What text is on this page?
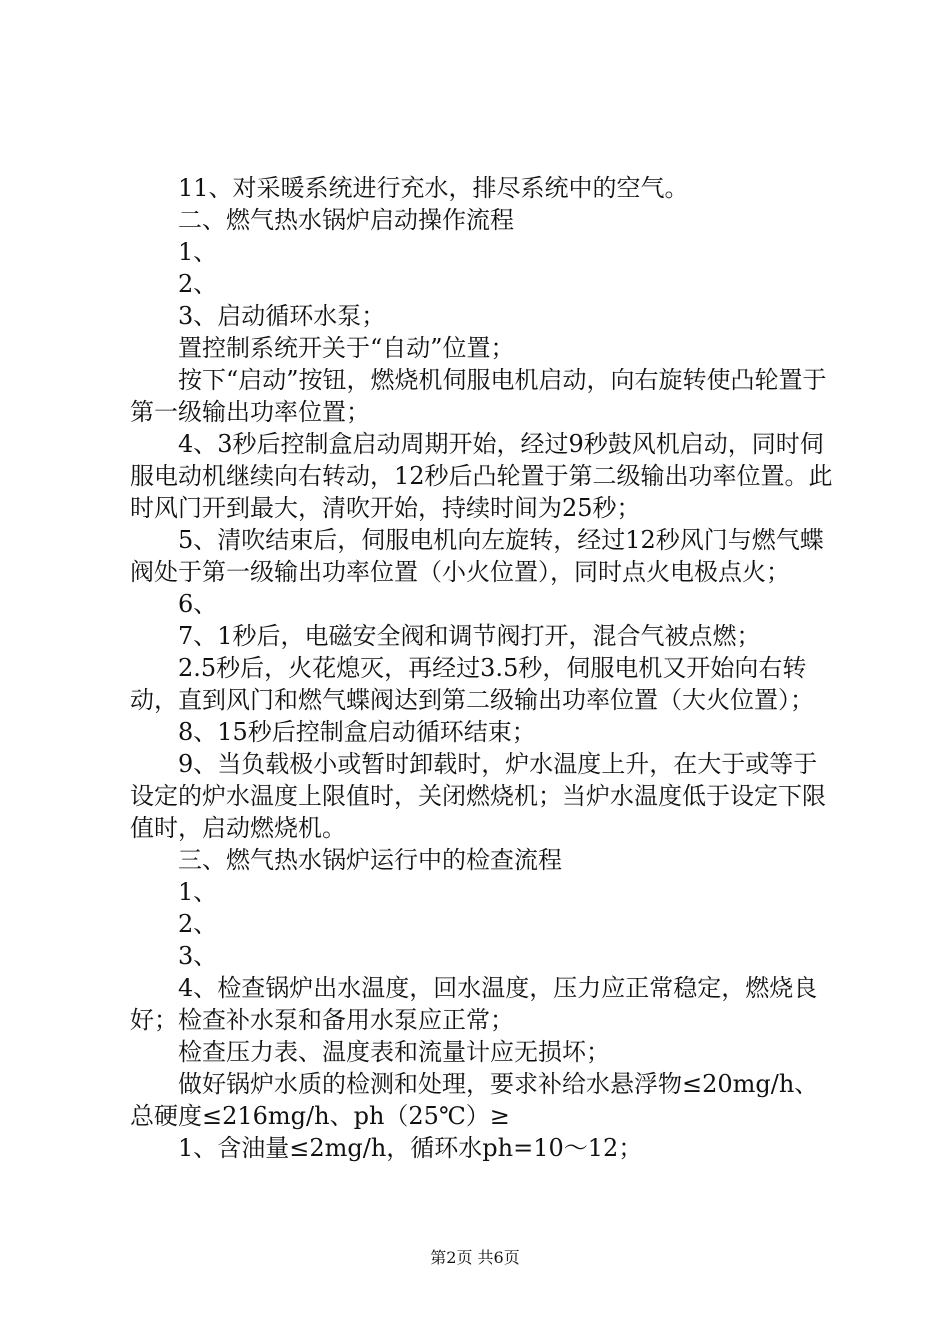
11、对采暖系统进行充水，排尽系统中的空气。

二、燃气热水锅炉启动操作流程

1、

2、

3、启动循环水泵；

置控制系统开关于“自动”位置；

按下“启动”按钮，燃烧机伺服电机启动，向右旋转使凸轮置于第一级输出功率位置；

4、3秒后控制盒启动周期开始，经过9秒鼓风机启动，同时伺服电动机继续向右转动，12秒后凸轮置于第二级输出功率位置。此时风门开到最大，清吹开始，持续时间为25秒；

5、清吹结束后，伺服电机向左旋转，经过12秒风门与燃气蝶阀处于第一级输出功率位置（小火位置），同时点火电极点火；

6、

7、1秒后，电磁安全阀和调节阀打开，混合气被点燃；

2.5秒后，火花熄灭，再经过3.5秒，伺服电机又开始向右转动，直到风门和燃气蝶阀达到第二级输出功率位置（大火位置）；

8、15秒后控制盒启动循环结束；

9、当负载极小或暂时卸载时，炉水温度上升，在大于或等于设定的炉水温度上限值时，关闭燃烧机；当炉水温度低于设定下限值时，启动燃烧机。

三、燃气热水锅炉运行中的检查流程

1、

2、

3、

4、检查锅炉出水温度，回水温度，压力应正常稳定，燃烧良好；检查补水泵和备用水泵应正常；

检查压力表、温度表和流量计应无损坏；

做好锅炉水质的检测和处理，要求补给水悬浮物≤20mg/h、总硬度≤216mg/h、ph（25℃）≥

1、含油量≤2mg/h，循环水ph=10～12；

第2页 共6页
